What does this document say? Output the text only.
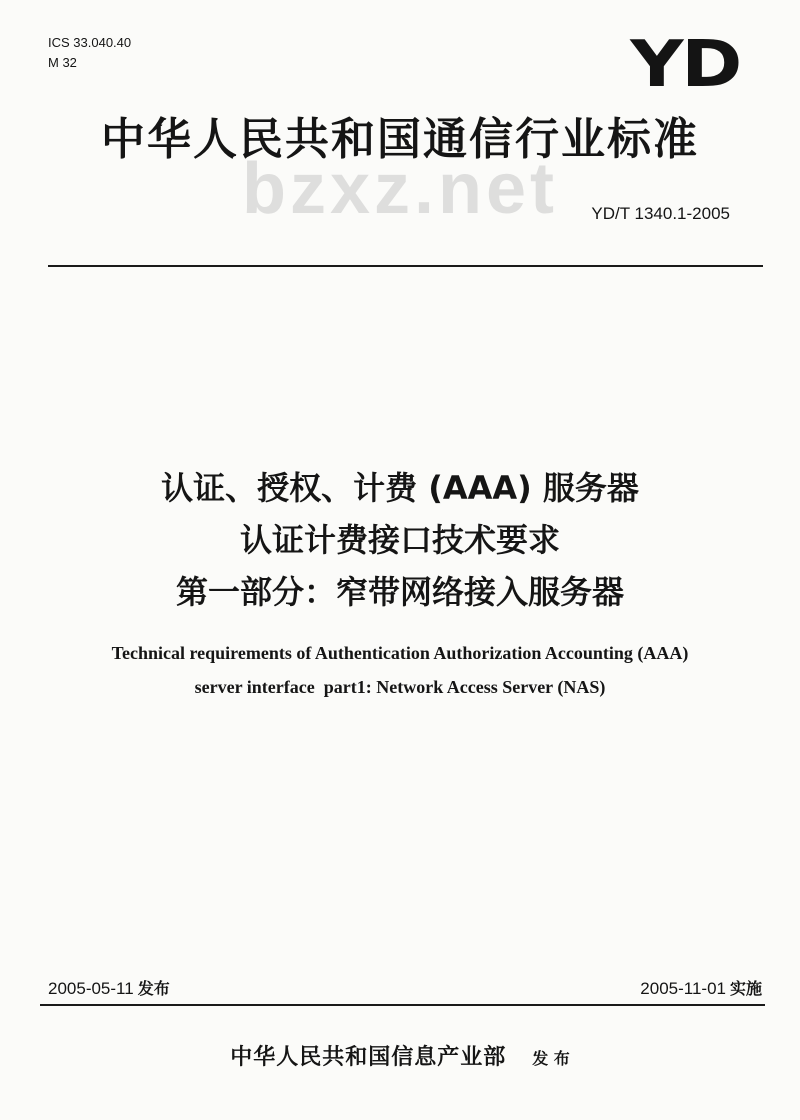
ICS 33.040.40
M 32	YD
中华人民共和国通信行业标准
bzxz.net	YD/T 1340.1-2005
认证、授权、计费 (AAA) 服务器
认证计费接口技术要求
第一部分：窄带网络接入服务器
Technical requirements of Authentication Authorization Accounting (AAA)
server interface  part1: Network Access Server (NAS)
2005-05-11 发布	2005-11-01 实施
中华人民共和国信息产业部 发 布
